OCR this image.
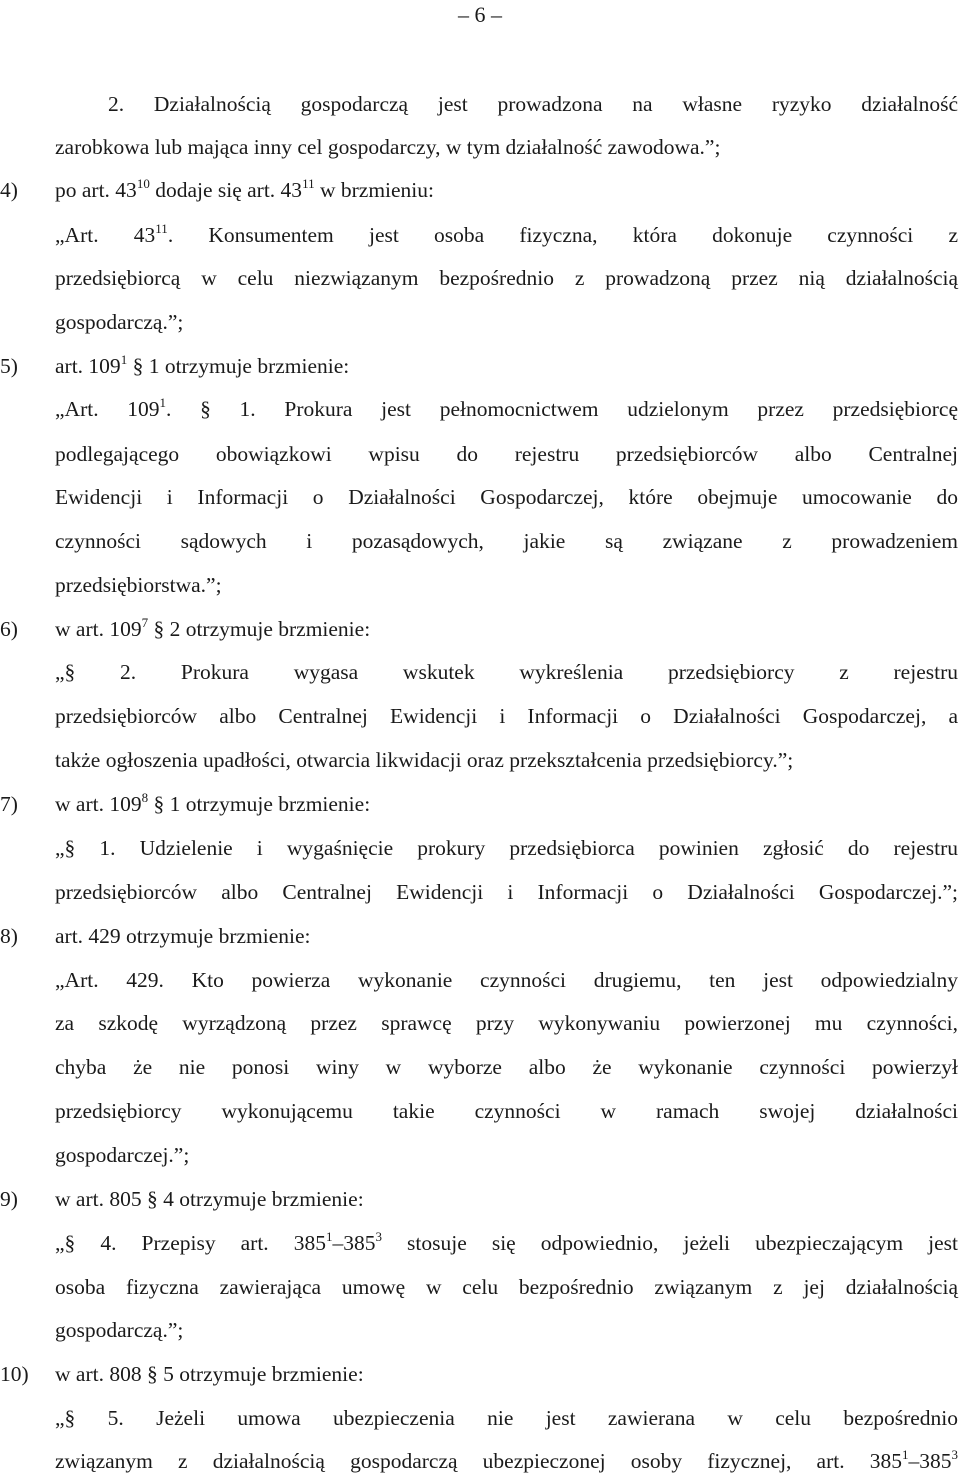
– 6 –
2. Działalnością gospodarczą jest prowadzona na własne ryzyko działalność
zarobkowa lub mająca inny cel gospodarczy, w tym działalność zawodowa.”;
4)	po art. $43^{10}$ dodaje się art. $43^{11}$ w brzmieniu:
„Art. $43^{11}$. Konsumentem jest osoba fizyczna, która dokonuje czynności z
przedsiębiorcą w celu niezwiązanym bezpośrednio z prowadzoną przez nią działalnością
gospodarczą.”;
5)	art. $109^1$ § 1 otrzymuje brzmienie:
„Art. $109^1$. § 1. Prokura jest pełnomocnictwem udzielonym przez przedsiębiorcę
podlegającego obowiązkowi wpisu do rejestru przedsiębiorców albo Centralnej
Ewidencji i Informacji o Działalności Gospodarczej, które obejmuje umocowanie do
czynności sądowych i pozasądowych, jakie są związane z prowadzeniem
przedsiębiorstwa.”;
6)	w art. $109^7$ § 2 otrzymuje brzmienie:
„§ 2. Prokura wygasa wskutek wykreślenia przedsiębiorcy z rejestru
przedsiębiorców albo Centralnej Ewidencji i Informacji o Działalności Gospodarczej, a
także ogłoszenia upadłości, otwarcia likwidacji oraz przekształcenia przedsiębiorcy.”;
7)	w art. $109^8$ § 1 otrzymuje brzmienie:
„§ 1. Udzielenie i wygaśnięcie prokury przedsiębiorca powinien zgłosić do rejestru
przedsiębiorców albo Centralnej Ewidencji i Informacji o Działalności Gospodarczej.”;
8)	art. 429 otrzymuje brzmienie:
„Art. 429. Kto powierza wykonanie czynności drugiemu, ten jest odpowiedzialny
za szkodę wyrządzoną przez sprawcę przy wykonywaniu powierzonej mu czynności,
chyba że nie ponosi winy w wyborze albo że wykonanie czynności powierzył
przedsiębiorcy wykonującemu takie czynności w ramach swojej działalności
gospodarczej.”;
9)	w art. 805 § 4 otrzymuje brzmienie:
„§ 4. Przepisy art. $385^1-385^3$ stosuje się odpowiednio, jeżeli ubezpieczającym jest
osoba fizyczna zawierająca umowę w celu bezpośrednio związanym z jej działalnością
gospodarczą.”;
10)	w art. 808 § 5 otrzymuje brzmienie:
„§ 5. Jeżeli umowa ubezpieczenia nie jest zawierana w celu bezpośrednio
związanym z działalnością gospodarczą ubezpieczonej osoby fizycznej, art. $385^1-385^3$
